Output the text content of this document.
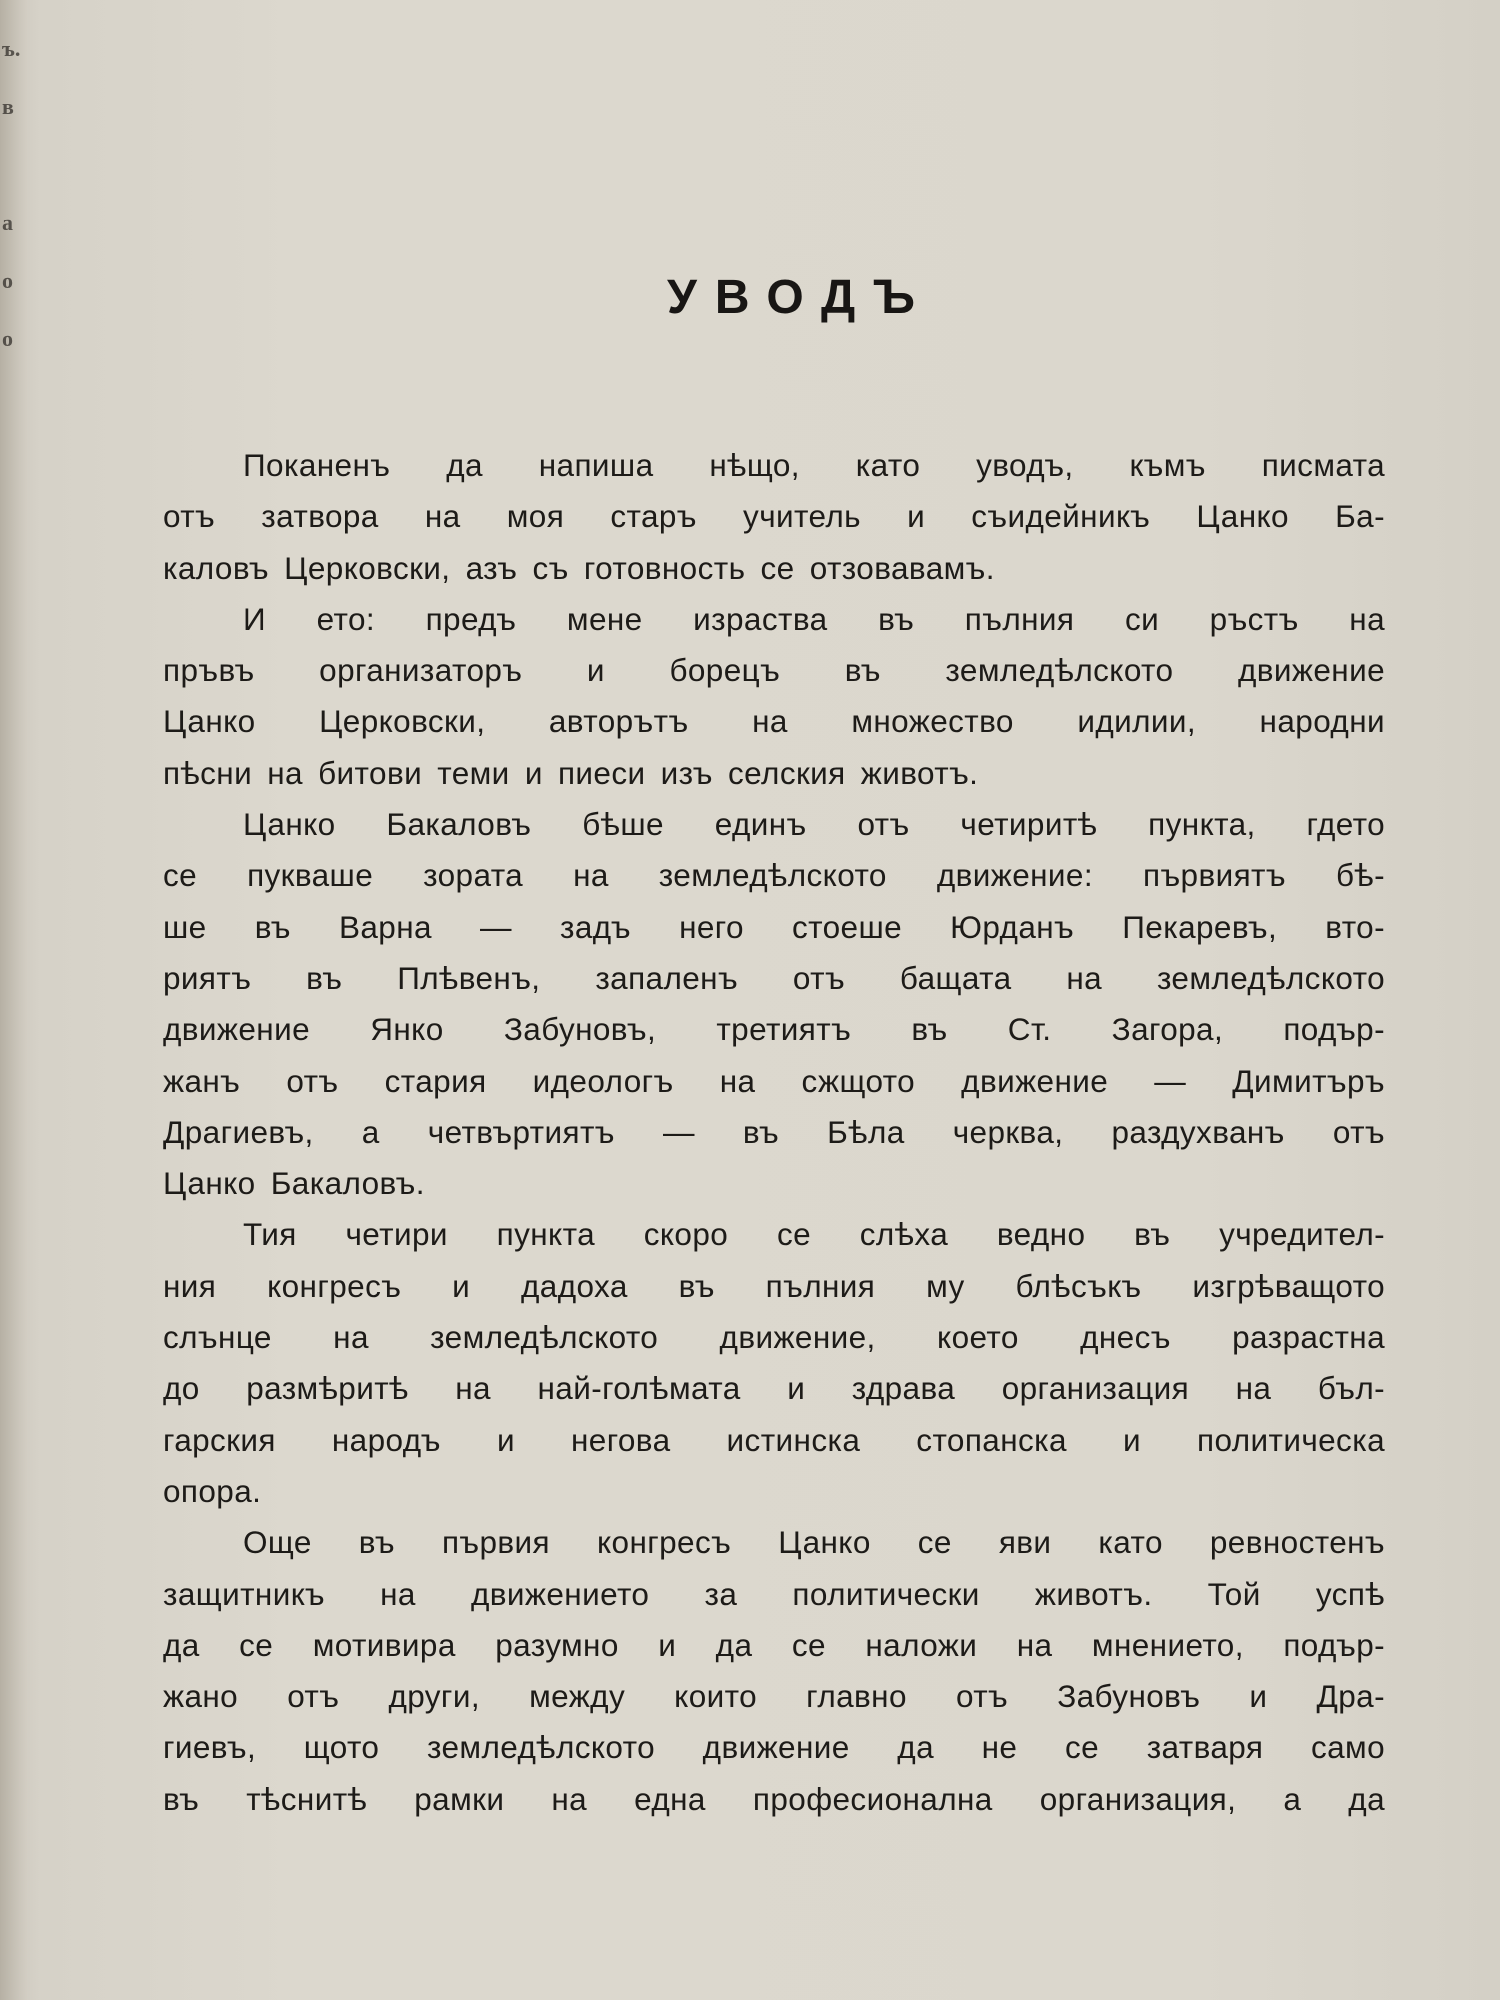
ъ.
в

а
о
о
УВОДЪ

Поканенъ да напиша нѣщо, като уводъ, къмъ писмата
отъ затвора на моя старъ учитель и съидейникъ Цанко Ба-
каловъ Церковски, азъ съ готовность се отзовавамъ.

И ето: предъ мене израства въ пълния си ръстъ на
пръвъ организаторъ и борецъ въ земледѣлското движение
Цанко Церковски, авторътъ на множество идилии, народни
пѣсни на битови теми и пиеси изъ селския животъ.

Цанко Бакаловъ бѣше единъ отъ четиритѣ пункта, гдето
се пукваше зората на земледѣлското движение: първиятъ бѣ-
ше въ Варна — задъ него стоеше Юрданъ Пекаревъ, вто-
риятъ въ Плѣвенъ, запаленъ отъ бащата на земледѣлското
движение Янко Забуновъ, третиятъ въ Ст. Загора, подър-
жанъ отъ стария идеологъ на сжщото движение — Димитъръ
Драгиевъ, а четвъртиятъ — въ Бѣла черква, раздухванъ отъ
Цанко Бакаловъ.

Тия четири пункта скоро се слѣха ведно въ учредител-
ния конгресъ и дадоха въ пълния му блѣсъкъ изгрѣващото
слънце на земледѣлското движение, което днесъ разрастна
до размѣритѣ на най-голѣмата и здрава организация на бъл-
гарския народъ и негова истинска стопанска и политическа
опора.

Още въ първия конгресъ Цанко се яви като ревностенъ
защитникъ на движението за политически животъ. Той успѣ
да се мотивира разумно и да се наложи на мнението, подър-
жано отъ други, между които главно отъ Забуновъ и Дра-
гиевъ, щото земледѣлското движение да не се затваря само
въ тѣснитѣ рамки на една професионална организация, а да
